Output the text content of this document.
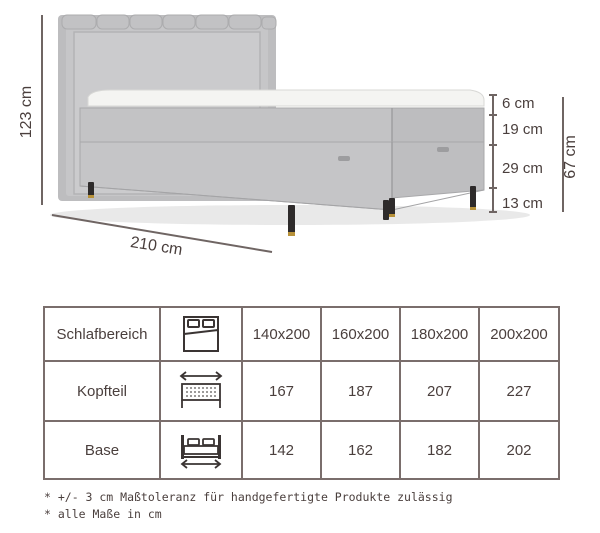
123 cm
210 cm
6 cm
19 cm
29 cm
13 cm
67 cm
Schlafbereich		140x200	160x200	180x200	200x200
Kopfteil		167	187	207	227
Base		142	162	182	202
* +/- 3 cm Maßtoleranz für handgefertigte Produkte zulässig
* alle Maße in cm
